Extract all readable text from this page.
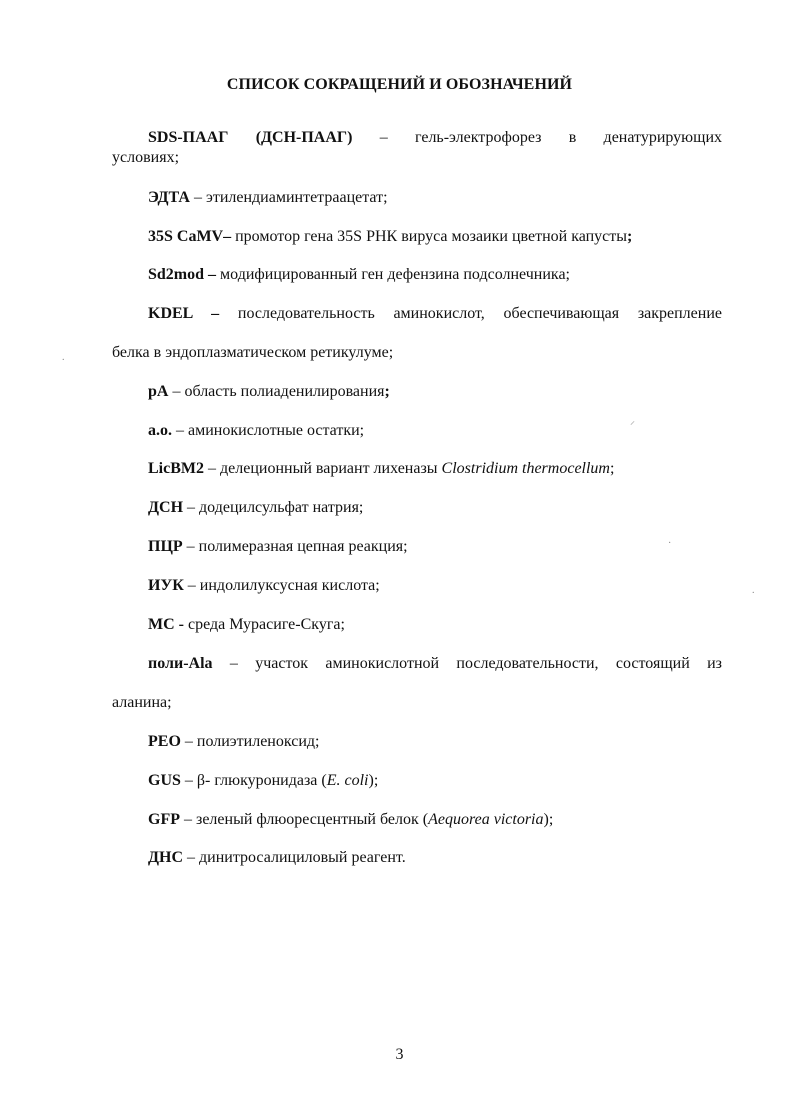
СПИСОК СОКРАЩЕНИЙ И ОБОЗНАЧЕНИЙ
SDS-ПААГ (ДСН-ПААГ) – гель-электрофорез в денатурирующих
условиях;
ЭДТА – этилендиаминтетраацетат;
35S CaMV– промотор гена 35S РНК вируса мозаики цветной капусты;
Sd2mod – модифицированный ген дефензина подсолнечника;
KDEL – последовательность аминокислот, обеспечивающая закрепление
белка в эндоплазматическом ретикулуме;
pA – область полиаденилирования;
а.о. – аминокислотные остатки;
LicBM2 – делеционный вариант лихеназы Clostridium thermocellum;
ДСН – додецилсульфат натрия;
ПЦР – полимеразная цепная реакция;
ИУК – индолилуксусная кислота;
МС - среда Мурасиге-Скуга;
поли-Ala – участок аминокислотной последовательности, состоящий из
аланина;
PEO – полиэтиленоксид;
GUS – β- глюкуронидаза (E. coli);
GFP – зеленый флюоресцентный белок (Aequorea victoria);
ДНС – динитросалициловый реагент.
.
⸝
·
.
3
